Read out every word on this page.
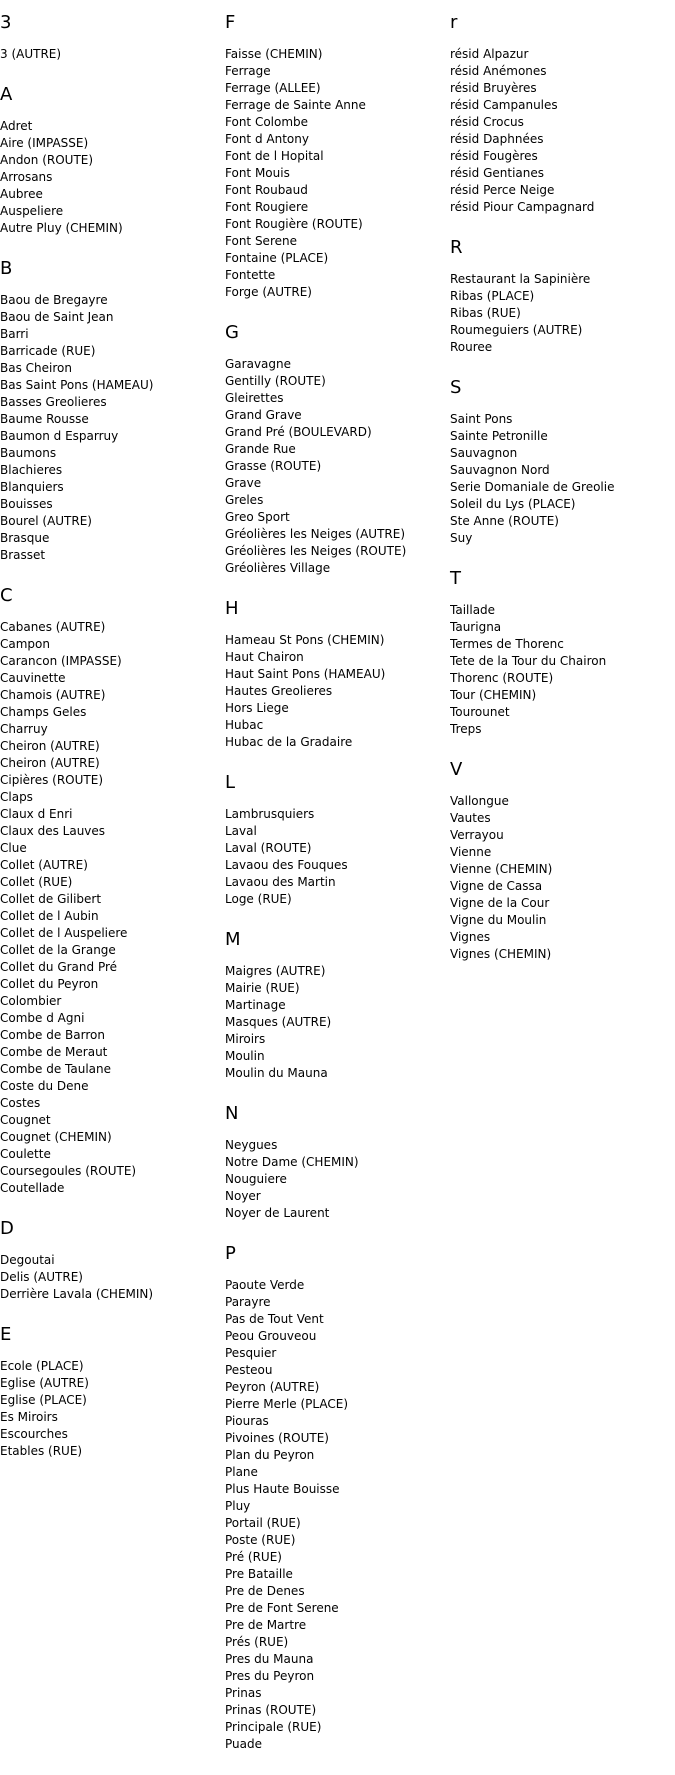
3
3 (AUTRE)
A
Adret
Aire (IMPASSE)
Andon (ROUTE)
Arrosans
Aubree
Auspeliere
Autre Pluy (CHEMIN)
B
Baou de Bregayre
Baou de Saint Jean
Barri
Barricade (RUE)
Bas Cheiron
Bas Saint Pons (HAMEAU)
Basses Greolieres
Baume Rousse
Baumon d Esparruy
Baumons
Blachieres
Blanquiers
Bouisses
Bourel (AUTRE)
Brasque
Brasset
C
Cabanes (AUTRE)
Campon
Carancon (IMPASSE)
Cauvinette
Chamois (AUTRE)
Champs Geles
Charruy
Cheiron (AUTRE)
Cheiron (AUTRE)
Cipières (ROUTE)
Claps
Claux d Enri
Claux des Lauves
Clue
Collet (AUTRE)
Collet (RUE)
Collet de Gilibert
Collet de l Aubin
Collet de l Auspeliere
Collet de la Grange
Collet du Grand Pré
Collet du Peyron
Colombier
Combe d Agni
Combe de Barron
Combe de Meraut
Combe de Taulane
Coste du Dene
Costes
Cougnet
Cougnet (CHEMIN)
Coulette
Coursegoules (ROUTE)
Coutellade
D
Degoutai
Delis (AUTRE)
Derrière Lavala (CHEMIN)
E
Ecole (PLACE)
Eglise (AUTRE)
Eglise (PLACE)
Es Miroirs
Escourches
Etables (RUE)
F
Faisse (CHEMIN)
Ferrage
Ferrage (ALLEE)
Ferrage de Sainte Anne
Font Colombe
Font d Antony
Font de l Hopital
Font Mouis
Font Roubaud
Font Rougiere
Font Rougière (ROUTE)
Font Serene
Fontaine (PLACE)
Fontette
Forge (AUTRE)
G
Garavagne
Gentilly (ROUTE)
Gleirettes
Grand Grave
Grand Pré (BOULEVARD)
Grande Rue
Grasse (ROUTE)
Grave
Greles
Greo Sport
Gréolières les Neiges (AUTRE)
Gréolières les Neiges (ROUTE)
Gréolières Village
H
Hameau St Pons (CHEMIN)
Haut Chairon
Haut Saint Pons (HAMEAU)
Hautes Greolieres
Hors Liege
Hubac
Hubac de la Gradaire
L
Lambrusquiers
Laval
Laval (ROUTE)
Lavaou des Fouques
Lavaou des Martin
Loge (RUE)
M
Maigres (AUTRE)
Mairie (RUE)
Martinage
Masques (AUTRE)
Miroirs
Moulin
Moulin du Mauna
N
Neygues
Notre Dame (CHEMIN)
Nouguiere
Noyer
Noyer de Laurent
P
Paoute Verde
Parayre
Pas de Tout Vent
Peou Grouveou
Pesquier
Pesteou
Peyron (AUTRE)
Pierre Merle (PLACE)
Piouras
Pivoines (ROUTE)
Plan du Peyron
Plane
Plus Haute Bouisse
Pluy
Portail (RUE)
Poste (RUE)
Pré (RUE)
Pre Bataille
Pre de Denes
Pre de Font Serene
Pre de Martre
Prés (RUE)
Pres du Mauna
Pres du Peyron
Prinas
Prinas (ROUTE)
Principale (RUE)
Puade
r
résid Alpazur
résid Anémones
résid Bruyères
résid Campanules
résid Crocus
résid Daphnées
résid Fougères
résid Gentianes
résid Perce Neige
résid Piour Campagnard
R
Restaurant la Sapinière
Ribas (PLACE)
Ribas (RUE)
Roumeguiers (AUTRE)
Rouree
S
Saint Pons
Sainte Petronille
Sauvagnon
Sauvagnon Nord
Serie Domaniale de Greolie
Soleil du Lys (PLACE)
Ste Anne (ROUTE)
Suy
T
Taillade
Taurigna
Termes de Thorenc
Tete de la Tour du Chairon
Thorenc (ROUTE)
Tour (CHEMIN)
Tourounet
Treps
V
Vallongue
Vautes
Verrayou
Vienne
Vienne (CHEMIN)
Vigne de Cassa
Vigne de la Cour
Vigne du Moulin
Vignes
Vignes (CHEMIN)
